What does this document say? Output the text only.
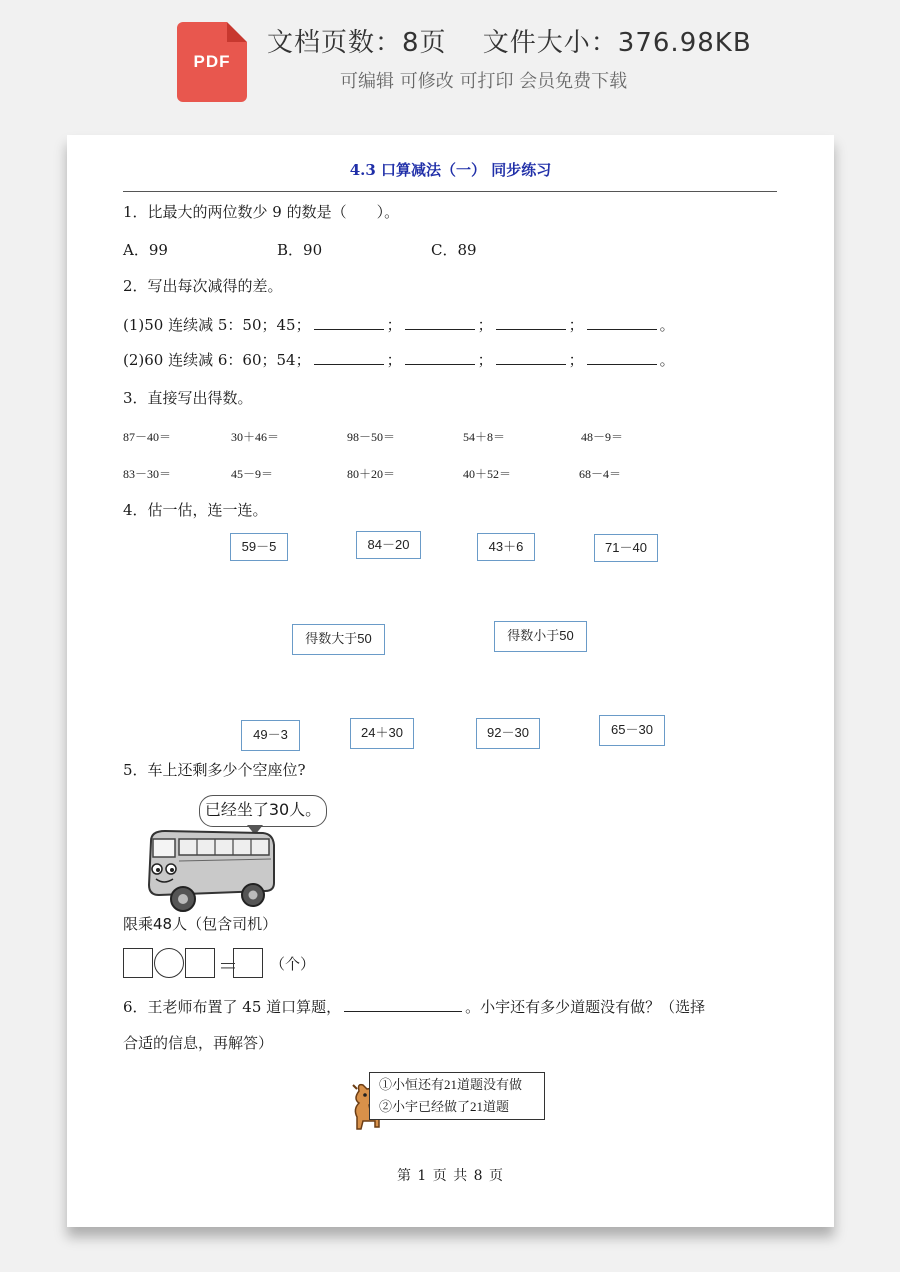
PDF
文档页数：8页　 文件大小：376.98KB
可编辑 可修改 可打印 会员免费下载
4.3 口算减法（一） 同步练习
1．比最大的两位数少 9 的数是（　　）。
A．99	B．90	C．89
2．写出每次减得的差。
(1)50 连续减 5：50；45；	；	；	；	。
(2)60 连续减 6：60；54；	；	；	；	。
3．直接写出得数。
87－40＝	30＋46＝	98－50＝	54＋8＝	48－9＝
83－30＝	45－9＝	80＋20＝	40＋52＝	68－4＝
4．估一估，连一连。
59－5	84－20	43＋6	71－40
得数大于50	得数小于50
49－3	24＋30	92－30	65－30
5．车上还剩多少个空座位?
已经坐了30人。
限乘48人（包含司机）
＝ （个）
6．王老师布置了 45 道口算题，	。小宇还有多少道题没有做？（选择
合适的信息，再解答）
①小恒还有21道题没有做
②小宇已经做了21道题
第 1 页 共 8 页
